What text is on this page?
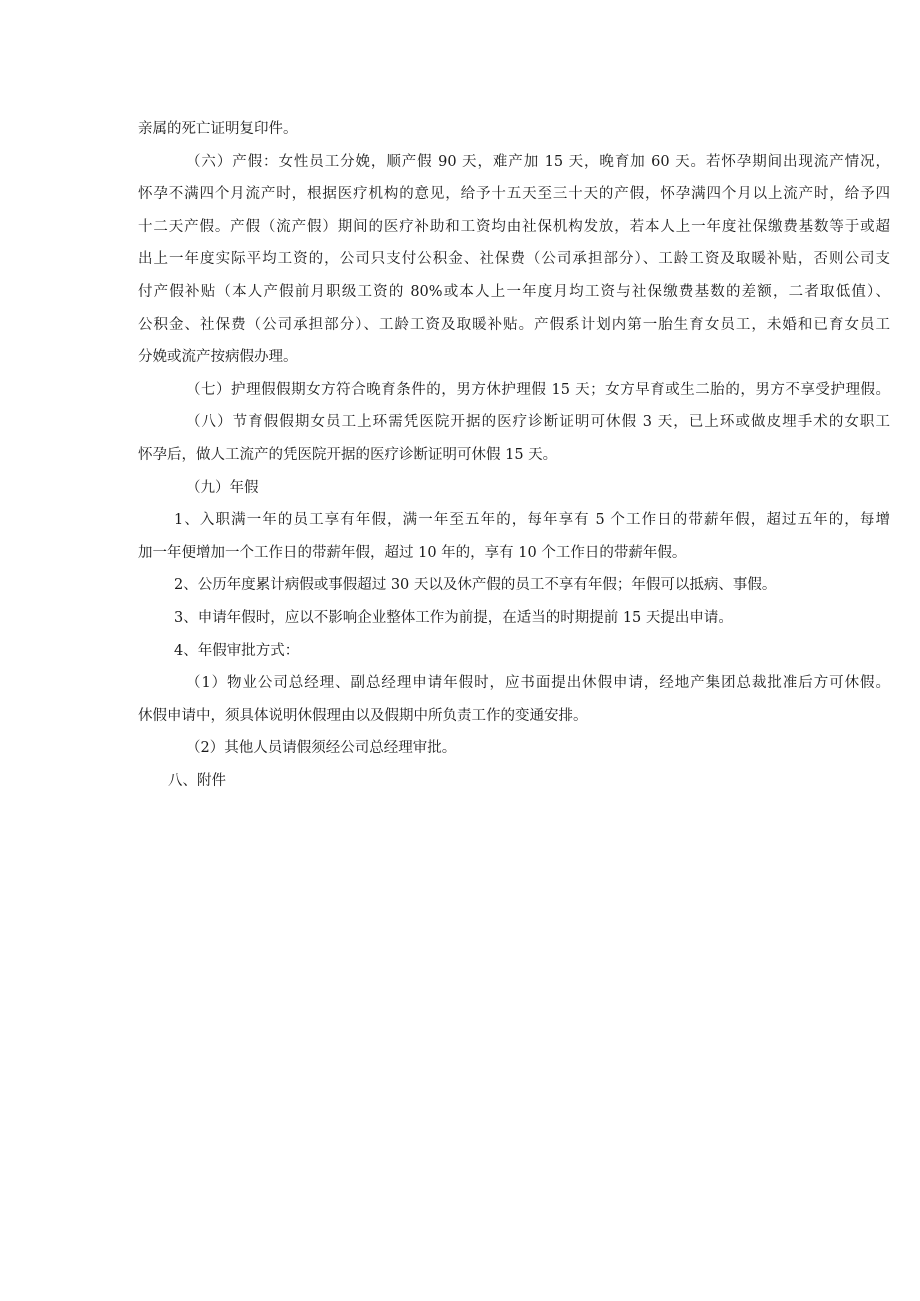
亲属的死亡证明复印件。
（六）产假：女性员工分娩，顺产假 90 天，难产加 15 天，晚育加 60 天。若怀孕期间出现流产情况，
怀孕不满四个月流产时，根据医疗机构的意见，给予十五天至三十天的产假，怀孕满四个月以上流产时，给予四
十二天产假。产假（流产假）期间的医疗补助和工资均由社保机构发放，若本人上一年度社保缴费基数等于或超
出上一年度实际平均工资的，公司只支付公积金、社保费（公司承担部分）、工龄工资及取暖补贴，否则公司支
付产假补贴（本人产假前月职级工资的 80%或本人上一年度月均工资与社保缴费基数的差额，二者取低值）、
公积金、社保费（公司承担部分）、工龄工资及取暖补贴。产假系计划内第一胎生育女员工，未婚和已育女员工
分娩或流产按病假办理。
（七）护理假假期女方符合晚育条件的，男方休护理假 15 天；女方早育或生二胎的，男方不享受护理假。
（八）节育假假期女员工上环需凭医院开据的医疗诊断证明可休假 3 天，已上环或做皮埋手术的女职工
怀孕后，做人工流产的凭医院开据的医疗诊断证明可休假 15 天。
（九）年假
1、入职满一年的员工享有年假，满一年至五年的，每年享有 5 个工作日的带薪年假，超过五年的，每增
加一年便增加一个工作日的带薪年假，超过 10 年的，享有 10 个工作日的带薪年假。
2、公历年度累计病假或事假超过 30 天以及休产假的员工不享有年假；年假可以抵病、事假。
3、申请年假时，应以不影响企业整体工作为前提，在适当的时期提前 15 天提出申请。
4、年假审批方式：
（1）物业公司总经理、副总经理申请年假时，应书面提出休假申请，经地产集团总裁批准后方可休假。
休假申请中，须具体说明休假理由以及假期中所负责工作的变通安排。
（2）其他人员请假须经公司总经理审批。
八、附件
